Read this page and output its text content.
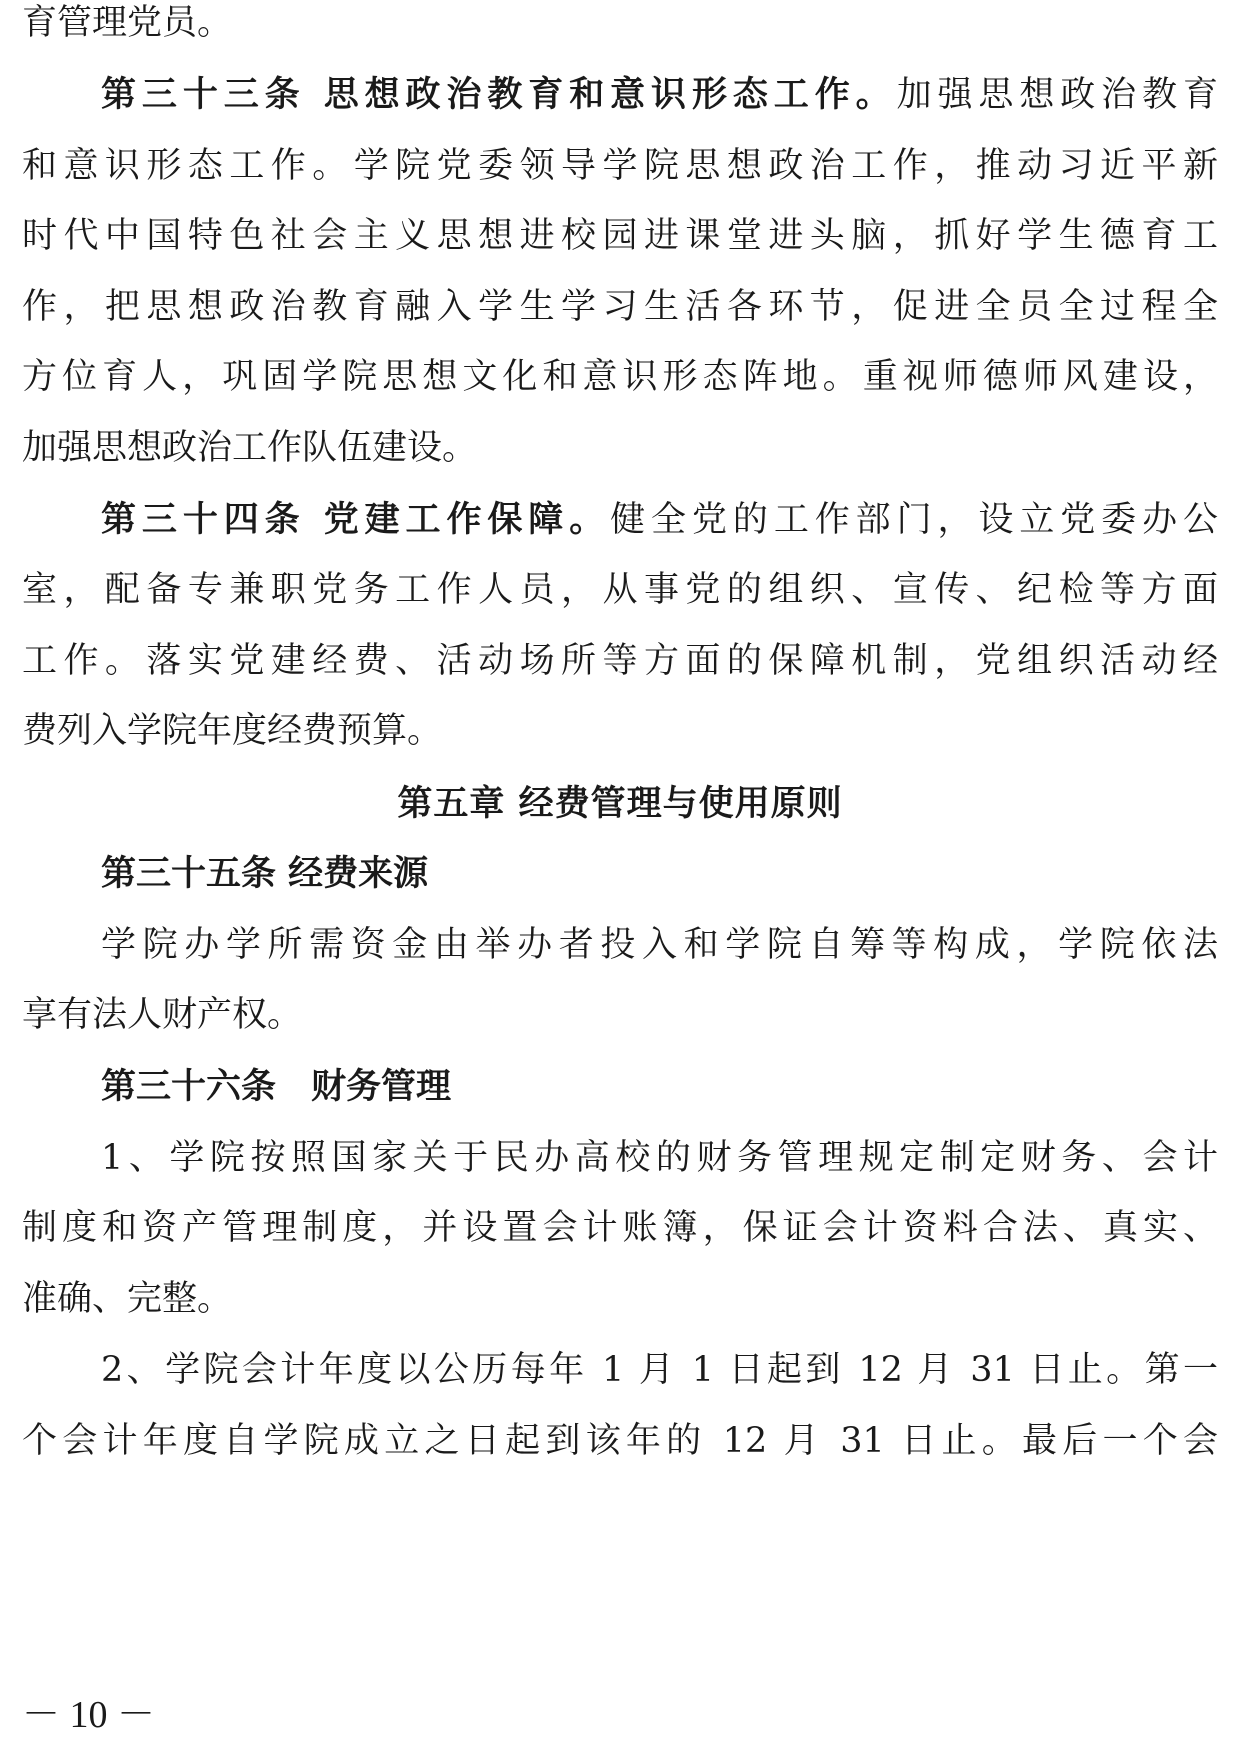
育管理党员。
第三十三条 思想政治教育和意识形态工作。加强思想政治教育
和意识形态工作。学院党委领导学院思想政治工作，推动习近平新
时代中国特色社会主义思想进校园进课堂进头脑，抓好学生德育工
作，把思想政治教育融入学生学习生活各环节，促进全员全过程全
方位育人，巩固学院思想文化和意识形态阵地。重视师德师风建设，
加强思想政治工作队伍建设。
第三十四条 党建工作保障。健全党的工作部门，设立党委办公
室，配备专兼职党务工作人员，从事党的组织、宣传、纪检等方面
工作。落实党建经费、活动场所等方面的保障机制，党组织活动经
费列入学院年度经费预算。
第五章 经费管理与使用原则
第三十五条 经费来源
学院办学所需资金由举办者投入和学院自筹等构成，学院依法
享有法人财产权。
第三十六条　财务管理
1、学院按照国家关于民办高校的财务管理规定制定财务、会计
制度和资产管理制度，并设置会计账簿，保证会计资料合法、真实、
准确、完整。
2、学院会计年度以公历每年 1 月 1 日起到 12 月 31 日止。第一
个会计年度自学院成立之日起到该年的 12 月 31 日止。最后一个会
－ 10 －
